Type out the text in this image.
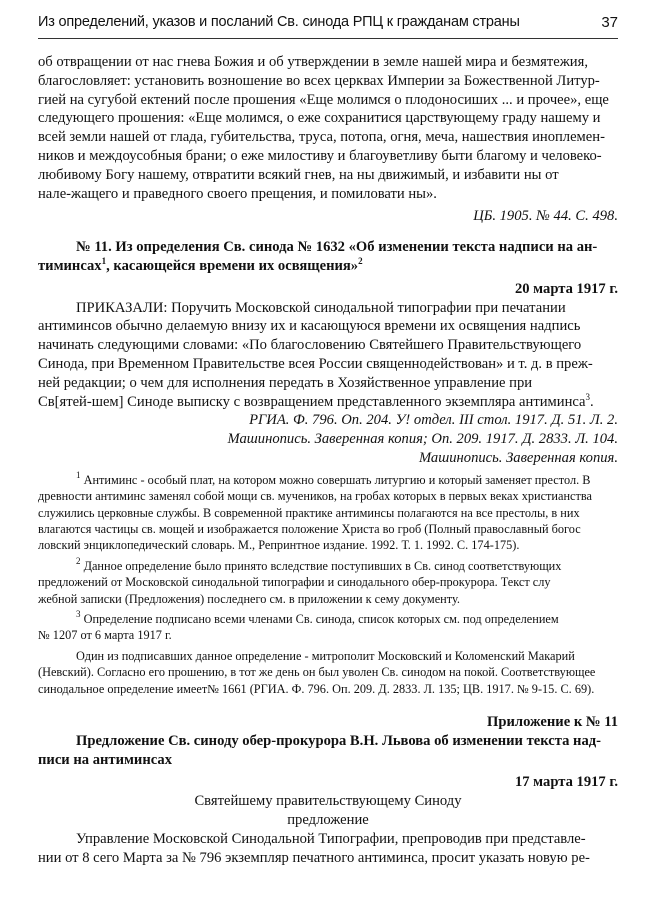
Из определений, указов и посланий Св. синода РПЦ к гражданам страны	37

об отвращении от нас гнева Божия и об утверждении в земле нашей мира и безмятежия,

благословляет: установить возношение во всех церквах Империи за Божественной Литур-

гией на сугубой ектений после прошения «Еще молимся о плодоносиших ... и прочее», еще

следующего прошения: «Еще молимся, о еже сохранитися царствующему граду нашему и

всей земли нашей от глада, губительства, труса, потопа, огня, меча, нашествия иноплемен-

ников и междоусобныя брани; о еже милостиву и благоуветливу быти благому и человеко-

любивому Богу нашему, отвратити всякий гнев, на ны движимый, и избавити ны от

нале-жащего и праведного своего прещения, и помиловати ны».

ЦБ. 1905. № 44. С. 498.

№ 11. Из определения Св. синода № 1632 «Об изменении текста надписи на ан-

тиминсах$^1$, касающейся времени их освящения»$^2$

20 марта 1917 г.

ПРИКАЗАЛИ: Поручить Московской синодальной типографии при печатании

антиминсов обычно делаемую внизу их и касающуюся времени их освящения надпись

начинать следующими словами: «По благословению Святейшего Правительствующего

Синода, при Временном Правительстве всея России священнодействован» и т. д. в преж-

ней редакции; о чем для исполнения передать в Хозяйственное управление при

Св[ятей-шем] Синоде выписку с возвращением представленного экземпляра антиминса$^3$.

РГИА. Ф. 796. Оп. 204. У! отдел. III стол. 1917. Д. 51. Л. 2.

Машинопись. Заверенная копия; Оп. 209. 1917. Д. 2833. Л. 104.

Машинопись. Заверенная копия.

$^1$ Антиминс - особый плат, на котором можно совершать литургию и который заменяет престол. В

древности антиминс заменял собой мощи св. мучеников, на гробах которых в первых веках христианства

служились церковные службы. В современной практике антиминсы полагаются на все престолы, в них

влагаются частицы св. мощей и изображается положение Христа во гроб (Полный православный богос

ловский энциклопедический словарь. М., Репринтное издание. 1992. Т. 1. 1992. С. 174-175).

$^2$ Данное определение было принято вследствие поступивших в Св. синод соответствующих

предложений от Московской синодальной типографии и синодального обер-прокурора. Текст слу

жебной записки (Предложения) последнего см. в приложении к сему документу.

$^3$ Определение подписано всеми членами Св. синода, список которых см. под определением

№ 1207 от 6 марта 1917 г.

Один из подписавших данное определение - митрополит Московский и Коломенский Макарий

(Невский). Согласно его прошению, в тот же день он был уволен Св. синодом на покой. Соответствующее

синодальное определение имеет№ 1661 (РГИА. Ф. 796. Оп. 209. Д. 2833. Л. 135; ЦВ. 1917. № 9-15. С. 69).

Приложение к № 11

Предложение Св. синоду обер-прокурора В.Н. Львова об изменении текста над-

писи на антиминсах

17 марта 1917 г.

Святейшему правительствующему Синоду

предложение

Управление Московской Синодальной Типографии, препроводив при представле-

нии от 8 сего Марта за № 796 экземпляр печатного антиминса, просит указать новую ре-
